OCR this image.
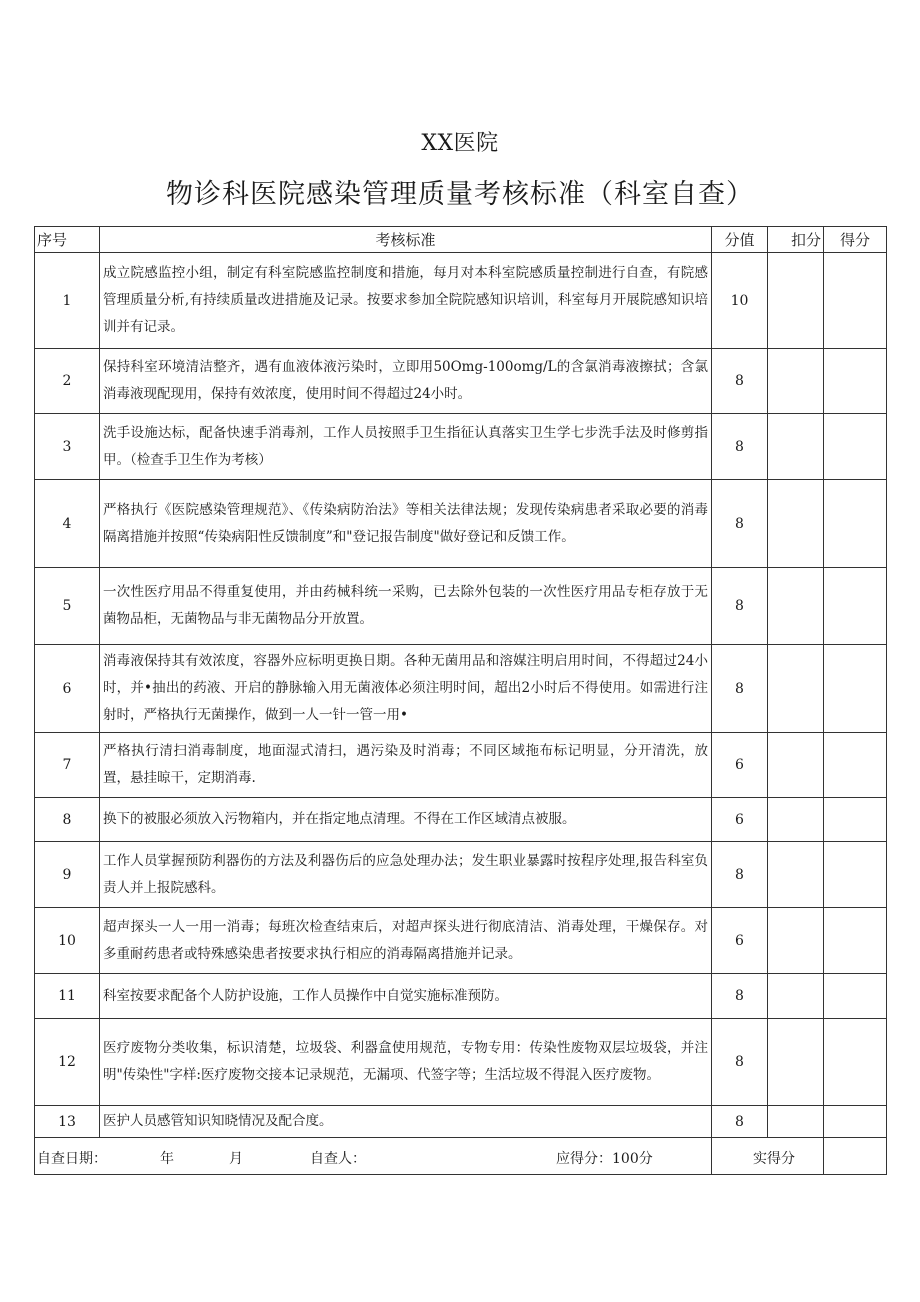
XX医院
物诊科医院感染管理质量考核标准（科室自查）
序号	考核标准	分值	扣分	得分
1	成立院感监控小组，制定有科室院感监控制度和措施，每月对本科室院感质量控制进行自查，有院感管理质量分析,有持续质量改进措施及记录。按要求参加全院院感知识培训，科室每月开展院感知识培训并有记录。	10		
2	保持科室环境清洁整齐，遇有血液体液污染时，立即用50Omg-100omg/L的含氯消毒液擦拭；含氯消毒液现配现用，保持有效浓度，使用时间不得超过24小时。	8		
3	洗手设施达标，配备快速手消毒剂，工作人员按照手卫生指征认真落实卫生学七步洗手法及时修剪指甲。（检查手卫生作为考核）	8		
4	严格执行《医院感染管理规范》、《传染病防治法》等相关法律法规；发现传染病患者采取必要的消毒隔离措施并按照“传染病阳性反馈制度”和"登记报告制度"做好登记和反馈工作。	8		
5	一次性医疗用品不得重复使用，并由药械科统一采购，已去除外包装的一次性医疗用品专柜存放于无菌物品柜，无菌物品与非无菌物品分开放置。	8		
6	消毒液保持其有效浓度，容器外应标明更换日期。各种无菌用品和溶媒注明启用时间，不得超过24小时，并•抽出的药液、开启的静脉输入用无菌液体必须注明时间，超出2小时后不得使用。如需进行注射时，严格执行无菌操作，做到一人一针一管一用•	8		
7	严格执行清扫消毒制度，地面湿式清扫，遇污染及时消毒；不同区域拖布标记明显，分开清洗，放置，悬挂晾干，定期消毒.	6		
8	换下的被服必须放入污物箱内，并在指定地点清理。不得在工作区域清点被服。	6		
9	工作人员掌握预防利器伤的方法及利器伤后的应急处理办法；发生职业暴露时按程序处理,报告科室负责人并上报院感科。	8		
10	超声探头一人一用一消毒；每班次检查结束后，对超声探头进行彻底清洁、消毒处理，干燥保存。对多重耐药患者或特殊感染患者按要求执行相应的消毒隔离措施并记录。	6		
11	科室按要求配备个人防护设施，工作人员操作中自觉实施标准预防。	8		
12	医疗废物分类收集，标识清楚，垃圾袋、利器盒使用规范，专物专用：传染性废物双层垃圾袋，并注明"传染性"字样:医疗废物交接本记录规范，无漏项、代签字等；生活垃圾不得混入医疗废物。	8		
13	医护人员感管知识知晓情况及配合度。	8		

自查日期： 年 月 自查人： 应得分：100分		实得分		
